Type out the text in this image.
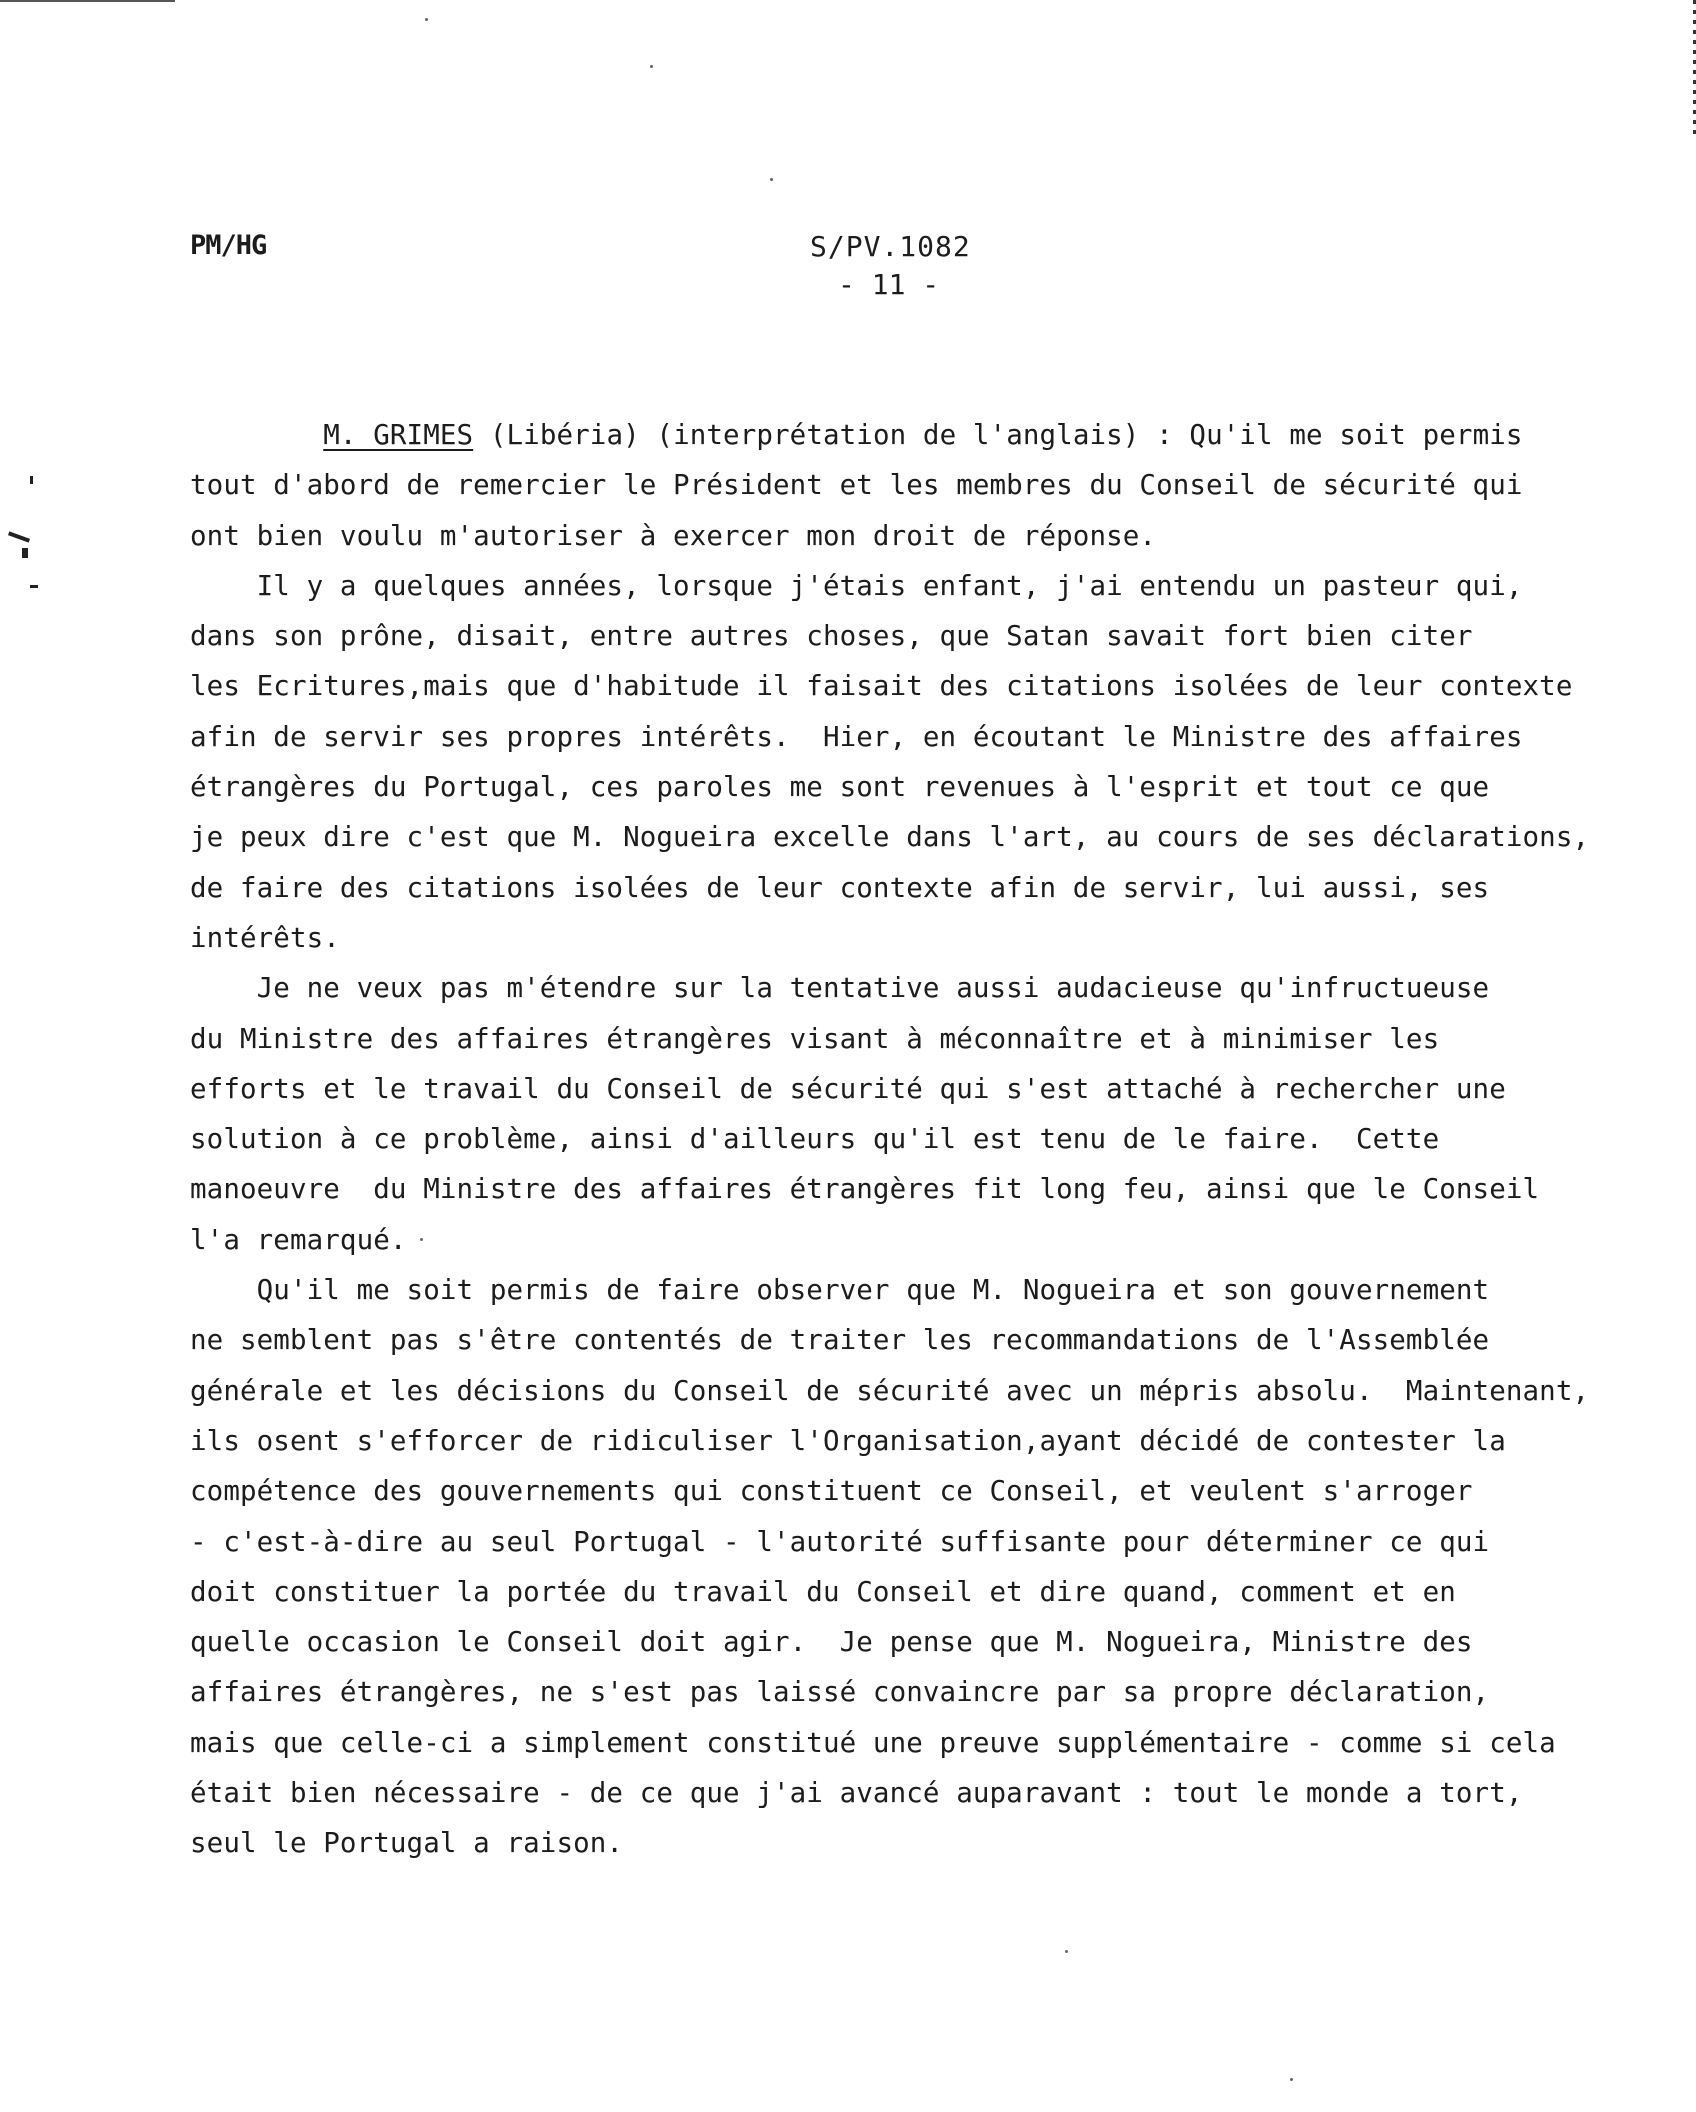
PM/HG	S/PV.1082
- 11 -
M. GRIMES (Libéria) (interprétation de l'anglais) : Qu'il me soit permis
tout d'abord de remercier le Président et les membres du Conseil de sécurité qui
ont bien voulu m'autoriser à exercer mon droit de réponse.
Il y a quelques années, lorsque j'étais enfant, j'ai entendu un pasteur qui,
dans son prône, disait, entre autres choses, que Satan savait fort bien citer
les Ecritures,mais que d'habitude il faisait des citations isolées de leur contexte
afin de servir ses propres intérêts.  Hier, en écoutant le Ministre des affaires
étrangères du Portugal, ces paroles me sont revenues à l'esprit et tout ce que
je peux dire c'est que M. Nogueira excelle dans l'art, au cours de ses déclarations,
de faire des citations isolées de leur contexte afin de servir, lui aussi, ses
intérêts.
Je ne veux pas m'étendre sur la tentative aussi audacieuse qu'infructueuse
du Ministre des affaires étrangères visant à méconnaître et à minimiser les
efforts et le travail du Conseil de sécurité qui s'est attaché à rechercher une
solution à ce problème, ainsi d'ailleurs qu'il est tenu de le faire.  Cette
manoeuvre  du Ministre des affaires étrangères fit long feu, ainsi que le Conseil
l'a remarqué.
Qu'il me soit permis de faire observer que M. Nogueira et son gouvernement
ne semblent pas s'être contentés de traiter les recommandations de l'Assemblée
générale et les décisions du Conseil de sécurité avec un mépris absolu.  Maintenant,
ils osent s'efforcer de ridiculiser l'Organisation,ayant décidé de contester la
compétence des gouvernements qui constituent ce Conseil, et veulent s'arroger
- c'est-à-dire au seul Portugal - l'autorité suffisante pour déterminer ce qui
doit constituer la portée du travail du Conseil et dire quand, comment et en
quelle occasion le Conseil doit agir.  Je pense que M. Nogueira, Ministre des
affaires étrangères, ne s'est pas laissé convaincre par sa propre déclaration,
mais que celle-ci a simplement constitué une preuve supplémentaire - comme si cela
était bien nécessaire - de ce que j'ai avancé auparavant : tout le monde a tort,
seul le Portugal a raison.
